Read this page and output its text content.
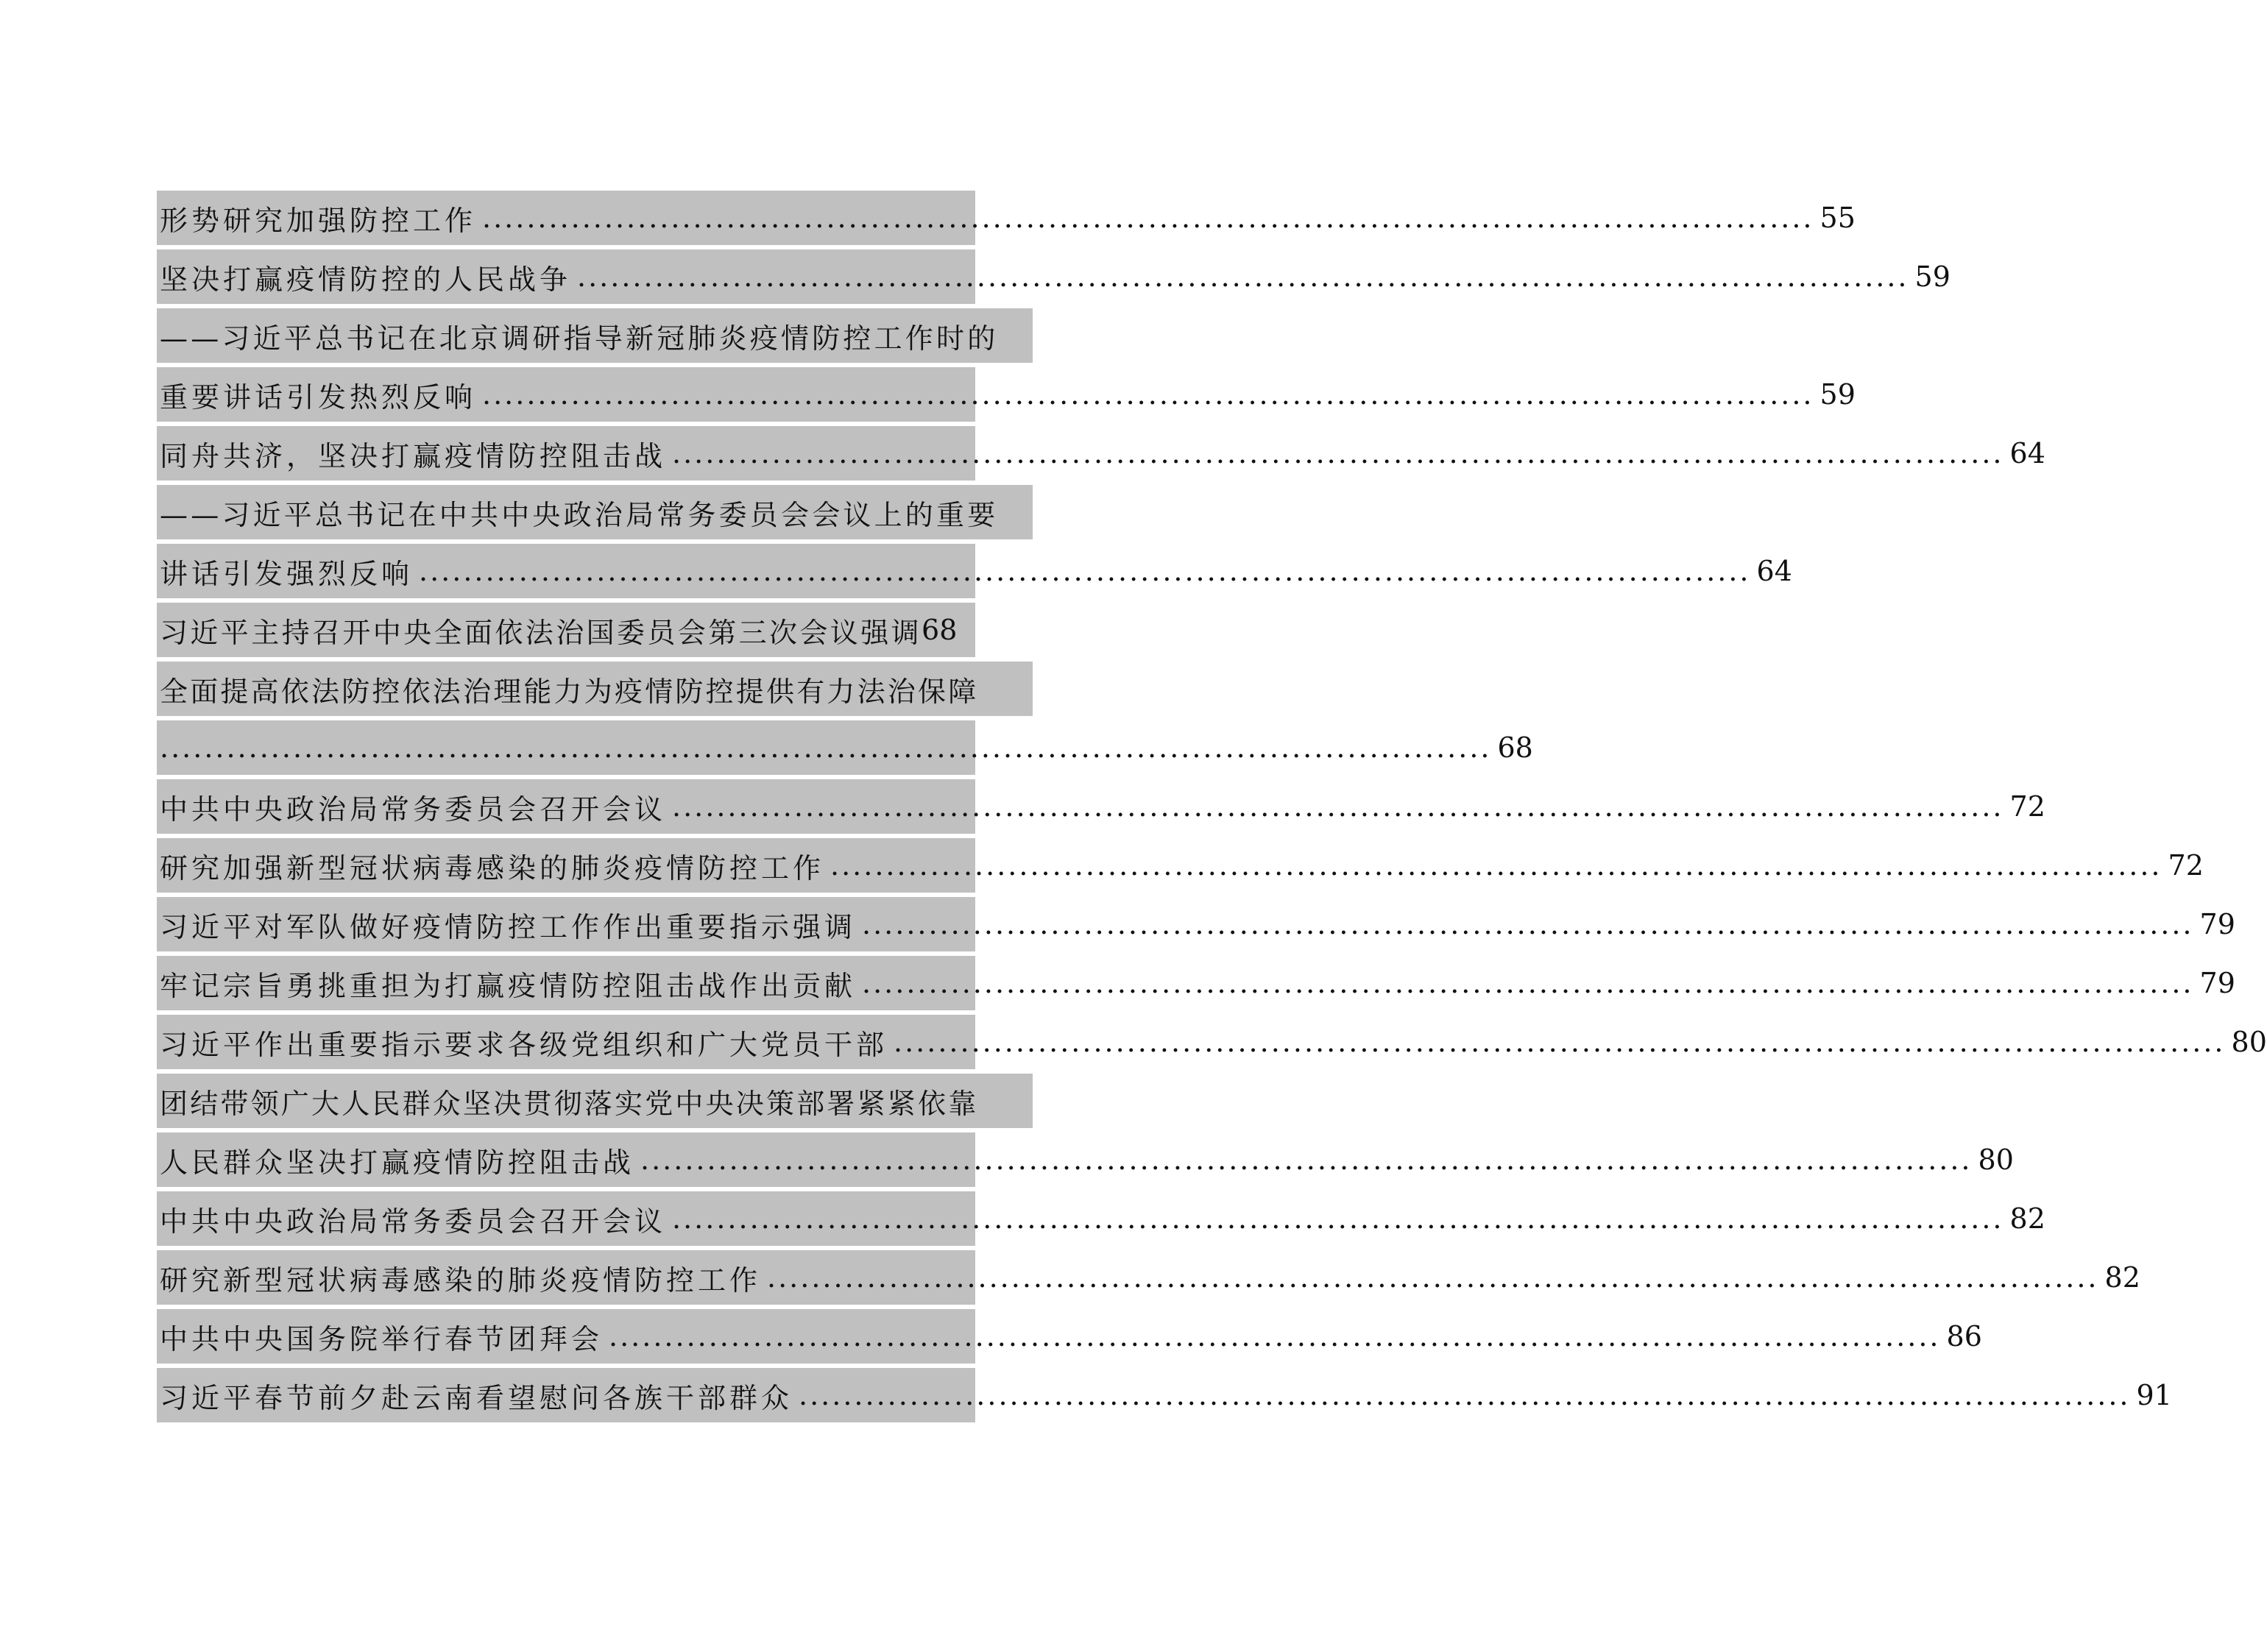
形势研究加强防控工作 ........................................................................................................................ 55
坚决打赢疫情防控的人民战争 ........................................................................................................................ 59
——习近平总书记在北京调研指导新冠肺炎疫情防控工作时的
重要讲话引发热烈反响 ........................................................................................................................ 59
同舟共济，坚决打赢疫情防控阻击战 ........................................................................................................................ 64
——习近平总书记在中共中央政治局常务委员会会议上的重要
讲话引发强烈反响 ........................................................................................................................ 64
习近平主持召开中央全面依法治国委员会第三次会议强调 68
全面提高依法防控依法治理能力为疫情防控提供有力法治保障
........................................................................................................................ 68
中共中央政治局常务委员会召开会议 ........................................................................................................................ 72
研究加强新型冠状病毒感染的肺炎疫情防控工作 ........................................................................................................................ 72
习近平对军队做好疫情防控工作作出重要指示强调 ........................................................................................................................ 79
牢记宗旨勇挑重担为打赢疫情防控阻击战作出贡献 ........................................................................................................................ 79
习近平作出重要指示要求各级党组织和广大党员干部 ........................................................................................................................ 80
团结带领广大人民群众坚决贯彻落实党中央决策部署紧紧依靠
人民群众坚决打赢疫情防控阻击战 ........................................................................................................................ 80
中共中央政治局常务委员会召开会议 ........................................................................................................................ 82
研究新型冠状病毒感染的肺炎疫情防控工作 ........................................................................................................................ 82
中共中央国务院举行春节团拜会 ........................................................................................................................ 86
习近平春节前夕赴云南看望慰问各族干部群众 ........................................................................................................................ 91
